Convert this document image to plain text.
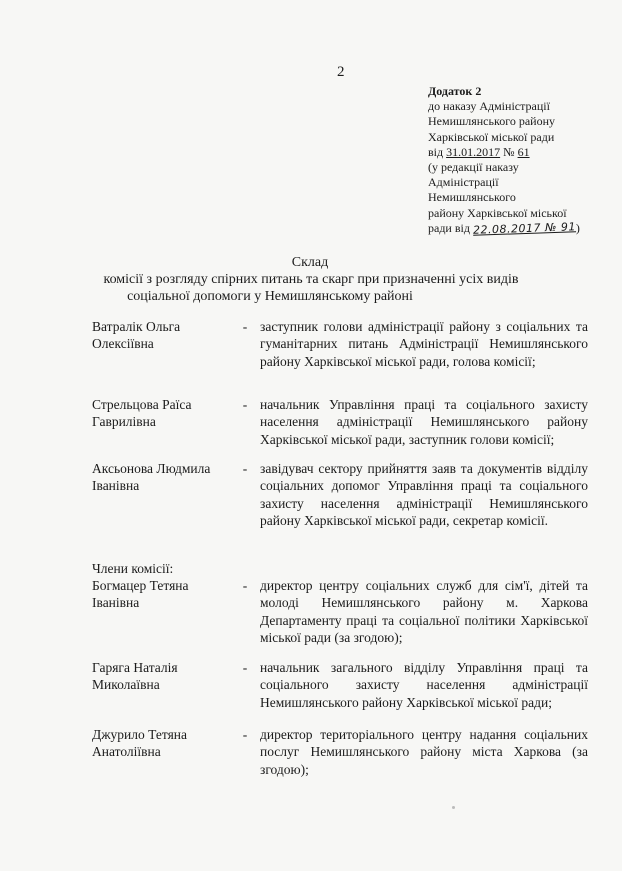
2
Додаток 2
до наказу Адміністрації
Немишлянського району
Харківської міської ради
від 31.01.2017 № 61
(у редакції наказу
Адміністрації
Немишлянського
району Харківської міської
ради від 22.08.2017 № 91)
Склад
комісії з розгляду спірних питань та скарг при призначенні усіх видів
соціальної допомоги у Немишлянському районі
Ватралік Ольга Олексіївна
- заступник голови адміністрації району з соціальних та гуманітарних питань Адміністрації Немишлянського району Харківської міської ради, голова комісії;
Стрельцова Раїса Гаврилівна
- начальник Управління праці та соціального захисту населення адміністрації Немишлянського району Харківської міської ради, заступник голови комісії;
Аксьонова Людмила Іванівна
- завідувач сектору прийняття заяв та документів відділу соціальних допомог Управління праці та соціального захисту населення адміністрації Немишлянського району Харківської міської ради, секретар комісії.
Члени комісії:
Богмацер Тетяна Іванівна
- директор центру соціальних служб для сім'ї, дітей та молоді Немишлянського району м. Харкова Департаменту праці та соціальної політики Харківської міської ради (за згодою);
Гаряга Наталія Миколаївна
- начальник загального відділу Управління праці та соціального захисту населення адміністрації Немишлянського району Харківської міської ради;
Джурило Тетяна Анатоліївна
- директор територіального центру надання соціальних послуг Немишлянського району міста Харкова (за згодою);
